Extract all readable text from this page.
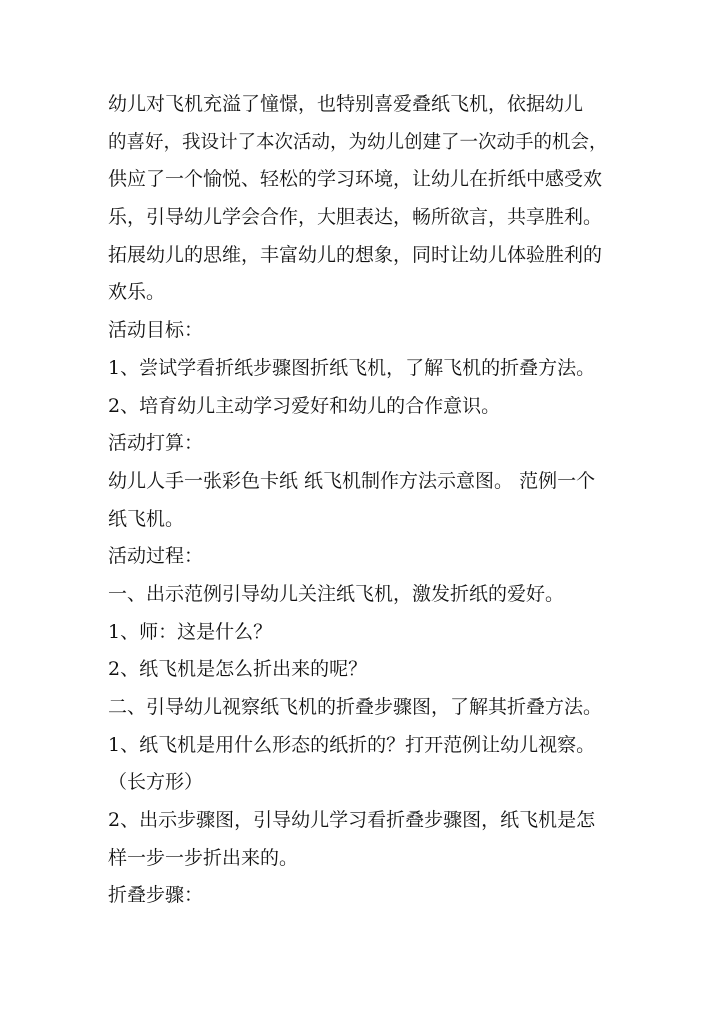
幼儿对飞机充溢了憧憬，也特别喜爱叠纸飞机，依据幼儿
的喜好，我设计了本次活动，为幼儿创建了一次动手的机会，
供应了一个愉悦、轻松的学习环境，让幼儿在折纸中感受欢
乐，引导幼儿学会合作，大胆表达，畅所欲言，共享胜利。
拓展幼儿的思维，丰富幼儿的想象，同时让幼儿体验胜利的
欢乐。
活动目标：
1、尝试学看折纸步骤图折纸飞机，了解飞机的折叠方法。
2、培育幼儿主动学习爱好和幼儿的合作意识。
活动打算：
幼儿人手一张彩色卡纸 纸飞机制作方法示意图。 范例一个
纸飞机。
活动过程：
一、出示范例引导幼儿关注纸飞机，激发折纸的爱好。
1、师：这是什么？
2、纸飞机是怎么折出来的呢？
二、引导幼儿视察纸飞机的折叠步骤图，了解其折叠方法。
1、纸飞机是用什么形态的纸折的？打开范例让幼儿视察。
（长方形）
2、出示步骤图，引导幼儿学习看折叠步骤图，纸飞机是怎
样一步一步折出来的。
折叠步骤：
